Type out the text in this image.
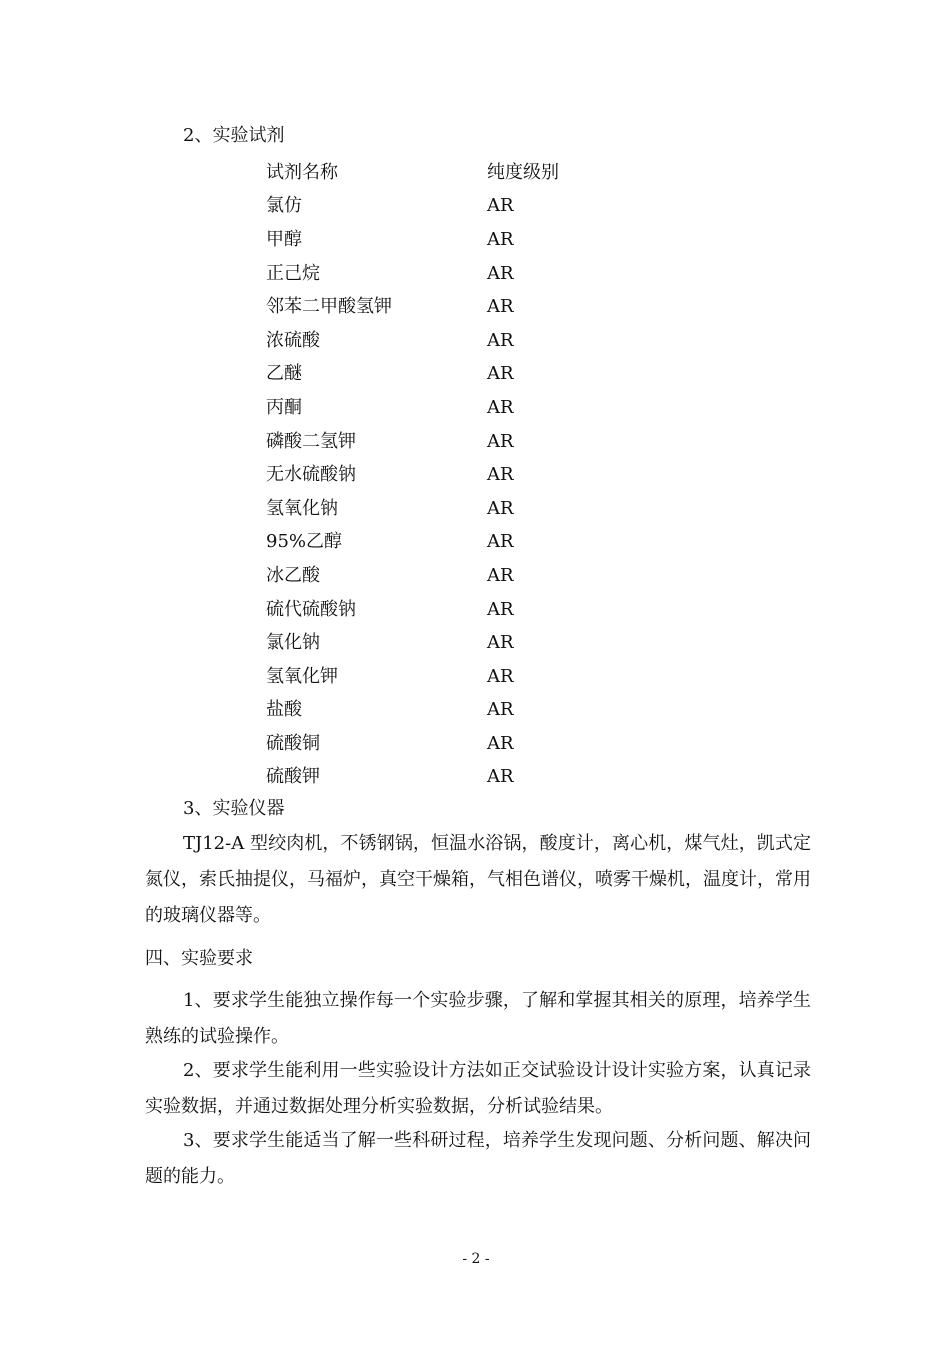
2、实验试剂
试剂名称	纯度级别
氯仿	AR
甲醇	AR
正己烷	AR
邻苯二甲酸氢钾	AR
浓硫酸	AR
乙醚	AR
丙酮	AR
磷酸二氢钾	AR
无水硫酸钠	AR
氢氧化钠	AR
95%乙醇	AR
冰乙酸	AR
硫代硫酸钠	AR
氯化钠	AR
氢氧化钾	AR
盐酸	AR
硫酸铜	AR
硫酸钾	AR
3、实验仪器
TJ12-A 型绞肉机，不锈钢锅，恒温水浴锅，酸度计，离心机，煤气灶，凯式定氮仪，索氏抽提仪，马福炉，真空干燥箱，气相色谱仪，喷雾干燥机，温度计，常用的玻璃仪器等。
四、实验要求
1、要求学生能独立操作每一个实验步骤，了解和掌握其相关的原理，培养学生熟练的试验操作。
2、要求学生能利用一些实验设计方法如正交试验设计设计实验方案，认真记录实验数据，并通过数据处理分析实验数据，分析试验结果。
3、要求学生能适当了解一些科研过程，培养学生发现问题、分析问题、解决问题的能力。
- 2 -
